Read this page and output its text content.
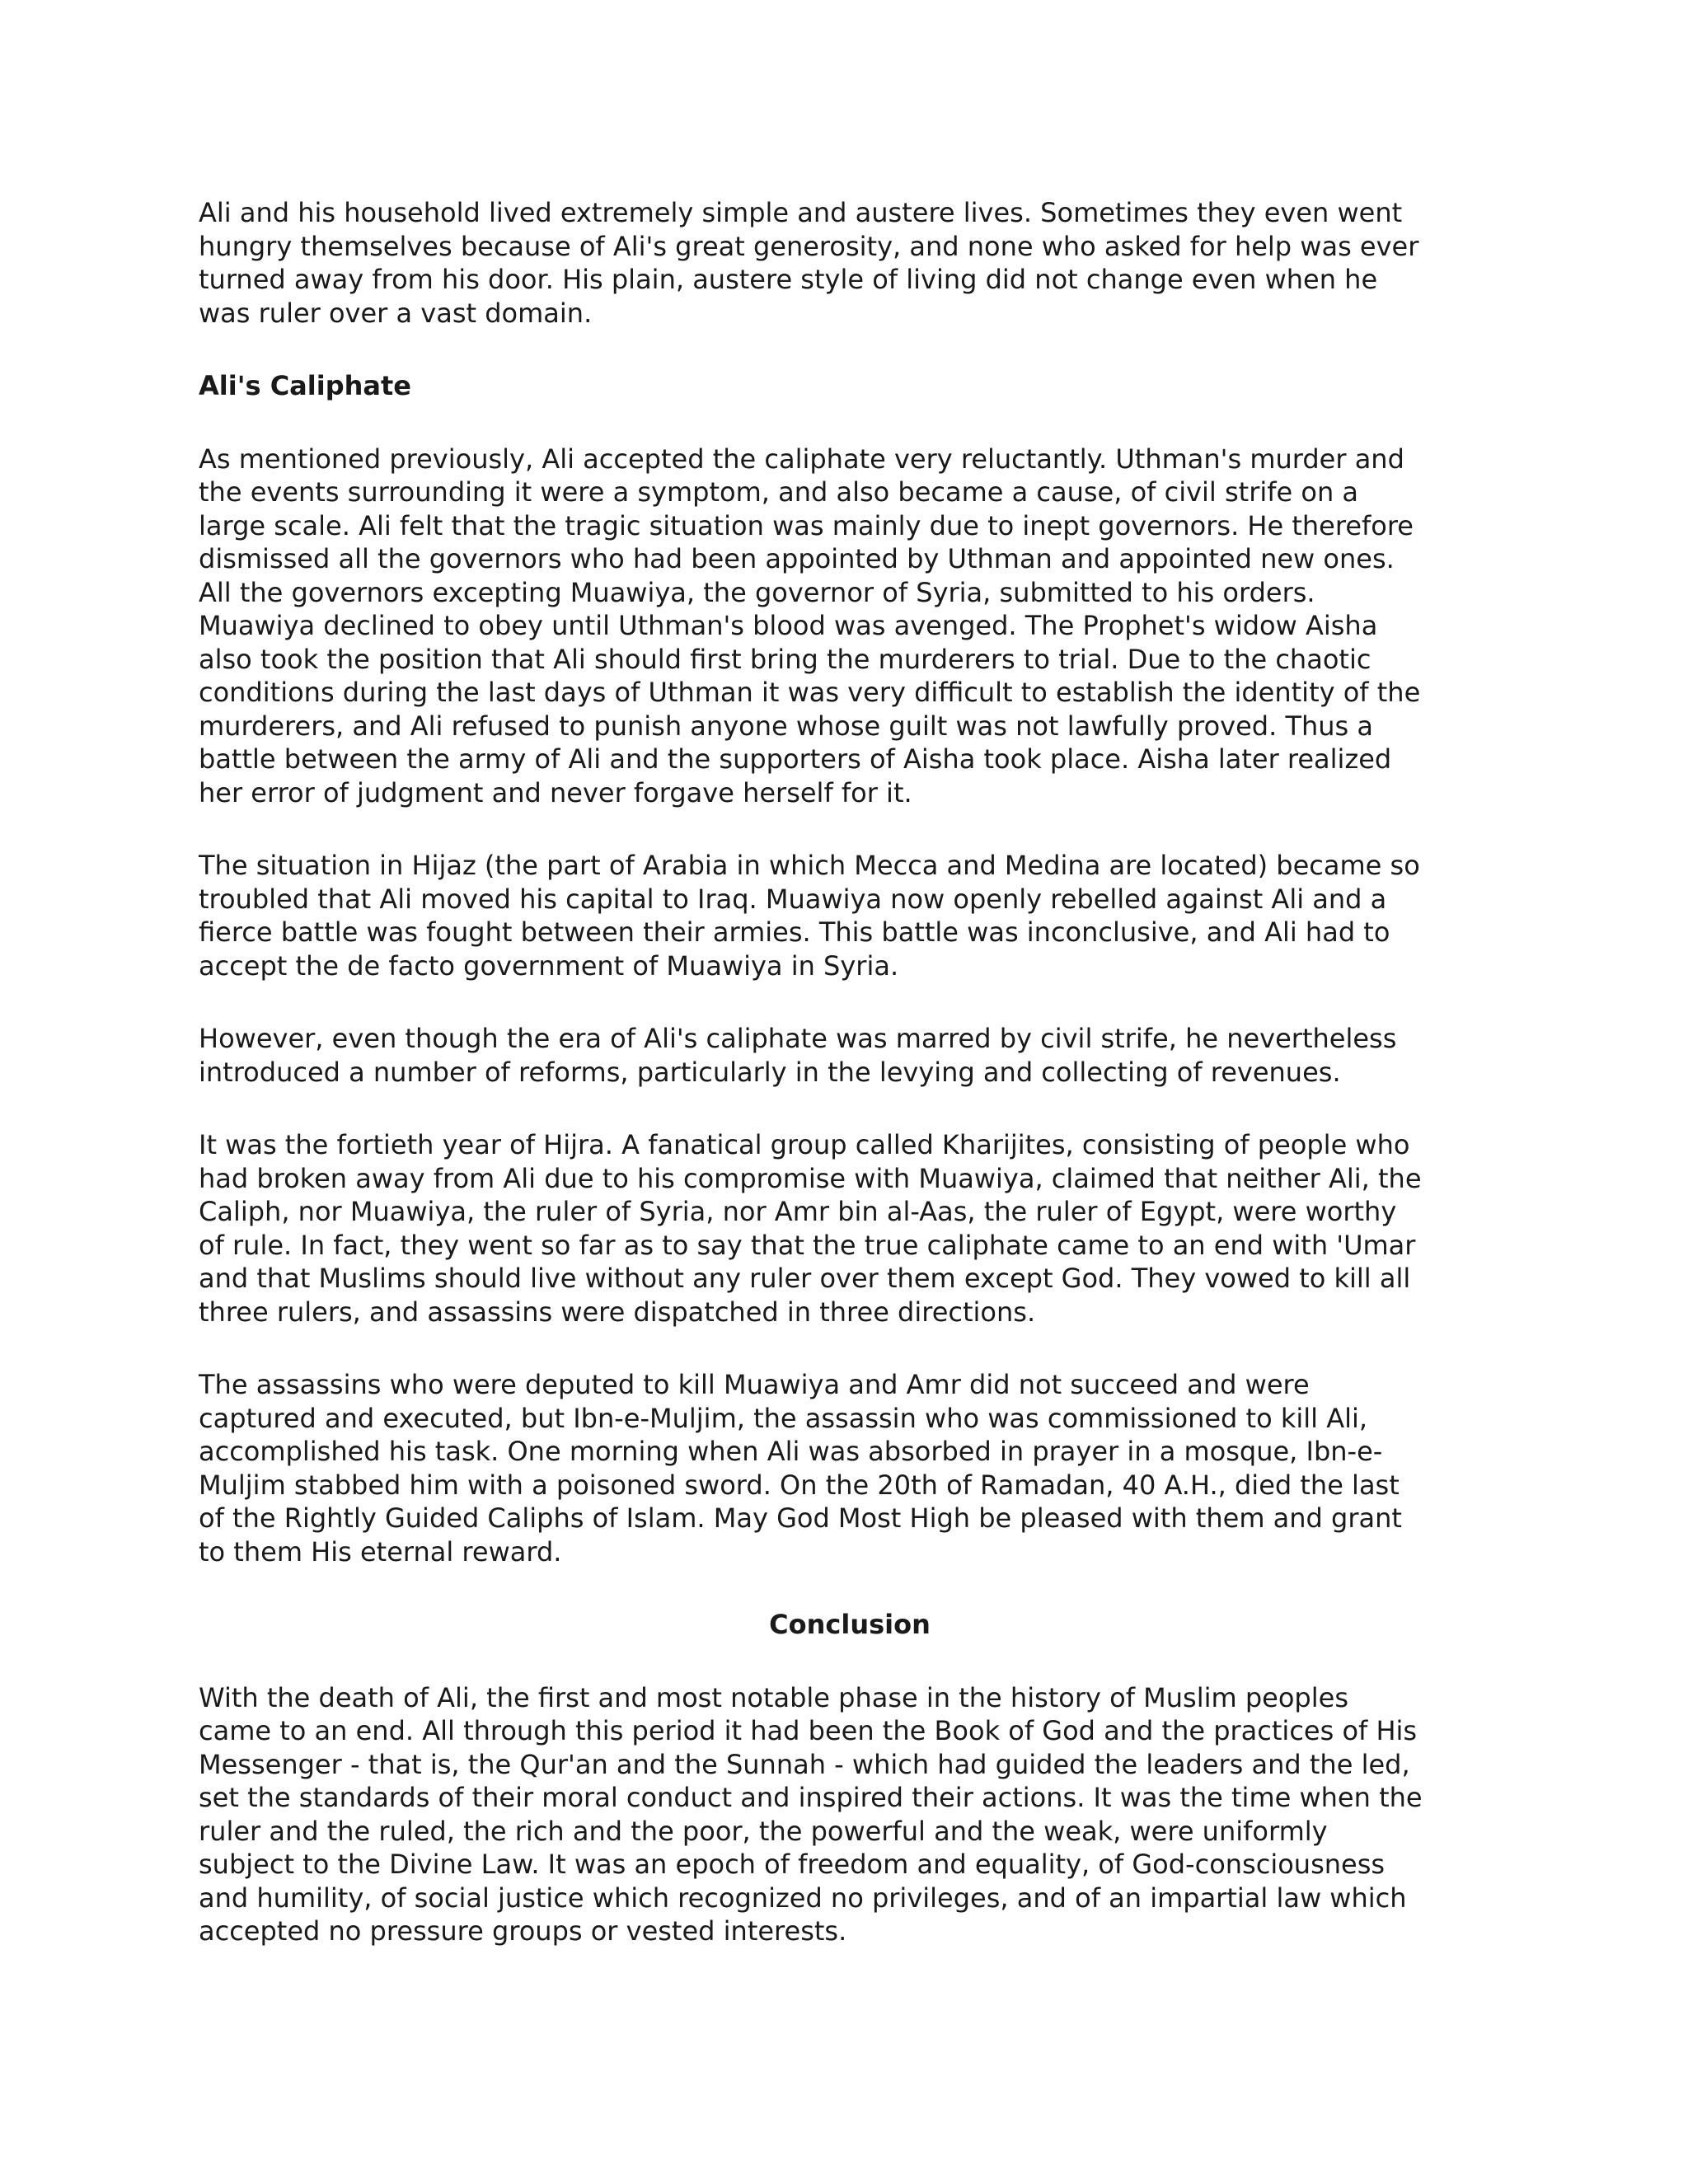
Ali and his household lived extremely simple and austere lives. Sometimes they even went
hungry themselves because of Ali's great generosity, and none who asked for help was ever
turned away from his door. His plain, austere style of living did not change even when he
was ruler over a vast domain.

Ali's Caliphate

As mentioned previously, Ali accepted the caliphate very reluctantly. Uthman's murder and
the events surrounding it were a symptom, and also became a cause, of civil strife on a
large scale. Ali felt that the tragic situation was mainly due to inept governors. He therefore
dismissed all the governors who had been appointed by Uthman and appointed new ones.
All the governors excepting Muawiya, the governor of Syria, submitted to his orders.
Muawiya declined to obey until Uthman's blood was avenged. The Prophet's widow Aisha
also took the position that Ali should first bring the murderers to trial. Due to the chaotic
conditions during the last days of Uthman it was very difficult to establish the identity of the
murderers, and Ali refused to punish anyone whose guilt was not lawfully proved. Thus a
battle between the army of Ali and the supporters of Aisha took place. Aisha later realized
her error of judgment and never forgave herself for it.

The situation in Hijaz (the part of Arabia in which Mecca and Medina are located) became so
troubled that Ali moved his capital to Iraq. Muawiya now openly rebelled against Ali and a
fierce battle was fought between their armies. This battle was inconclusive, and Ali had to
accept the de facto government of Muawiya in Syria.

However, even though the era of Ali's caliphate was marred by civil strife, he nevertheless
introduced a number of reforms, particularly in the levying and collecting of revenues.

It was the fortieth year of Hijra. A fanatical group called Kharijites, consisting of people who
had broken away from Ali due to his compromise with Muawiya, claimed that neither Ali, the
Caliph, nor Muawiya, the ruler of Syria, nor Amr bin al-Aas, the ruler of Egypt, were worthy
of rule. In fact, they went so far as to say that the true caliphate came to an end with 'Umar
and that Muslims should live without any ruler over them except God. They vowed to kill all
three rulers, and assassins were dispatched in three directions.

The assassins who were deputed to kill Muawiya and Amr did not succeed and were
captured and executed, but Ibn-e-Muljim, the assassin who was commissioned to kill Ali,
accomplished his task. One morning when Ali was absorbed in prayer in a mosque, Ibn-e-
Muljim stabbed him with a poisoned sword. On the 20th of Ramadan, 40 A.H., died the last
of the Rightly Guided Caliphs of Islam. May God Most High be pleased with them and grant
to them His eternal reward.

Conclusion

With the death of Ali, the first and most notable phase in the history of Muslim peoples
came to an end. All through this period it had been the Book of God and the practices of His
Messenger - that is, the Qur'an and the Sunnah - which had guided the leaders and the led,
set the standards of their moral conduct and inspired their actions. It was the time when the
ruler and the ruled, the rich and the poor, the powerful and the weak, were uniformly
subject to the Divine Law. It was an epoch of freedom and equality, of God-consciousness
and humility, of social justice which recognized no privileges, and of an impartial law which
accepted no pressure groups or vested interests.
